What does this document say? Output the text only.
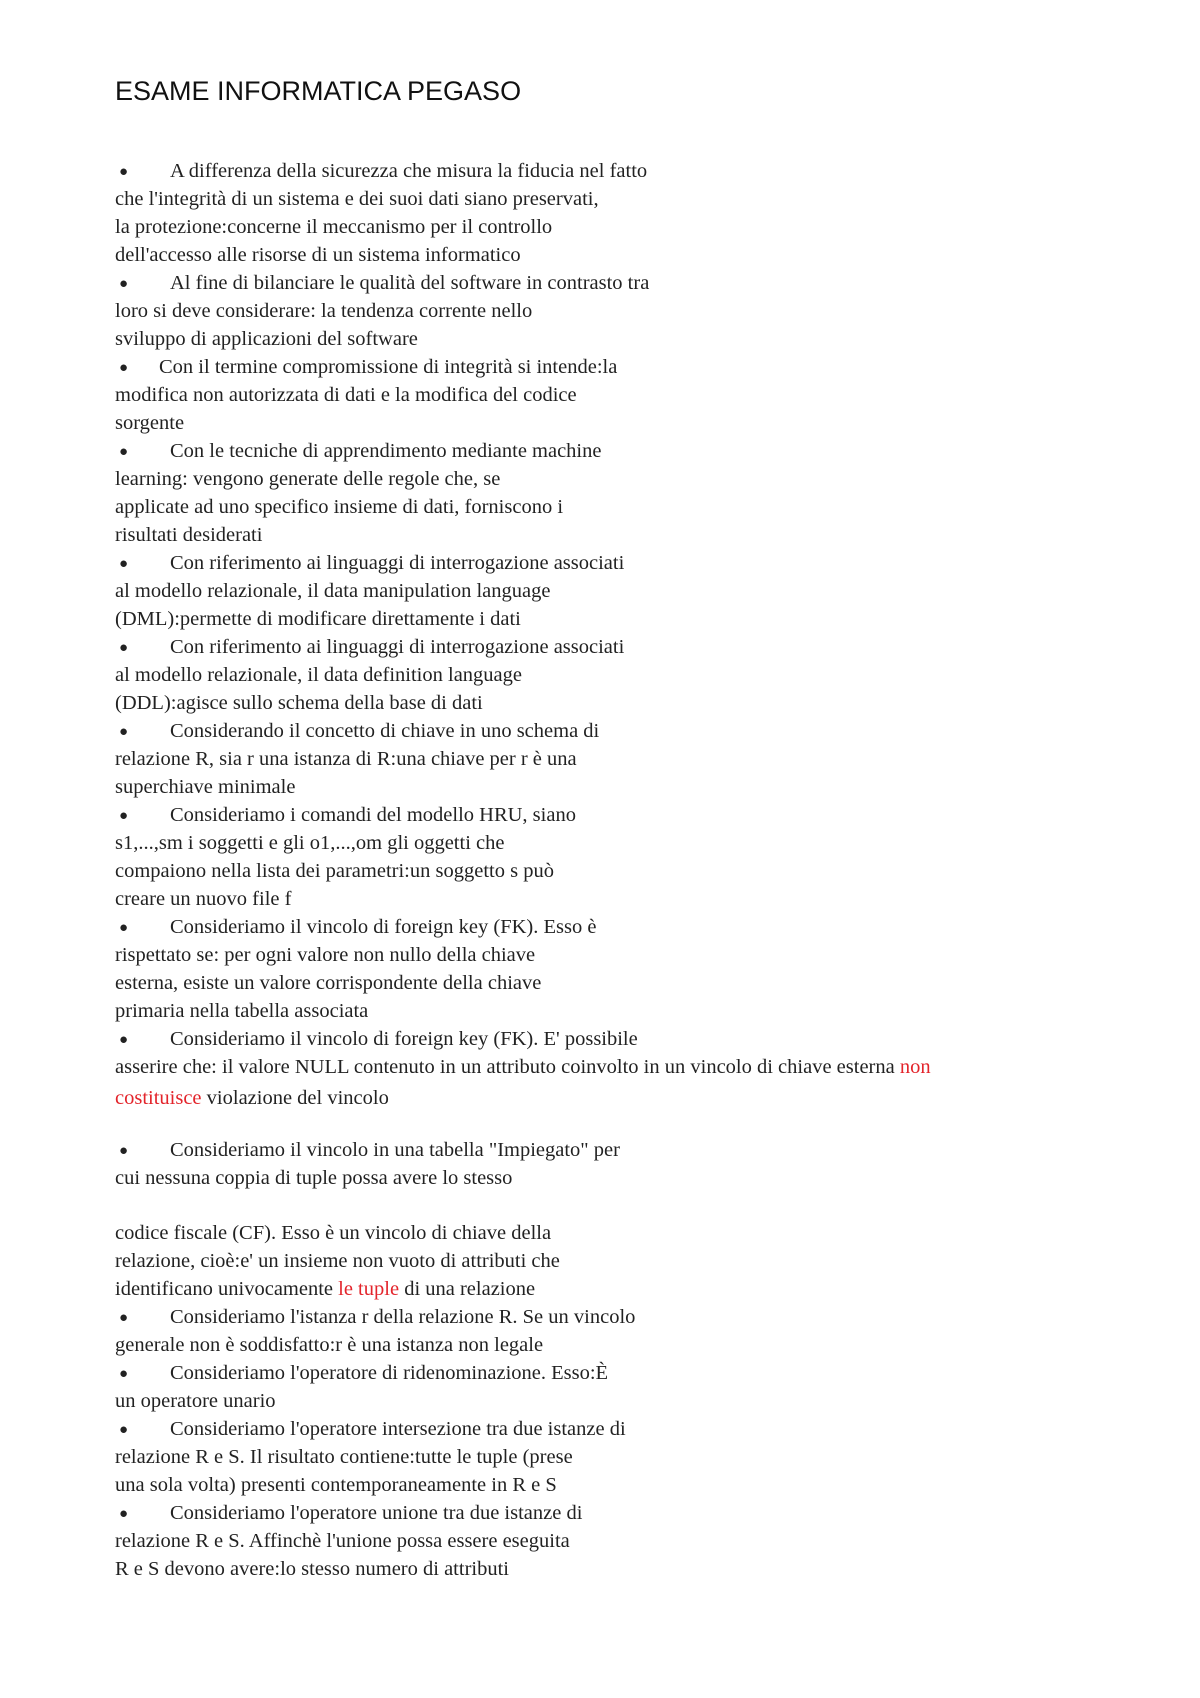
ESAME INFORMATICA PEGASO
● A differenza della sicurezza che misura la fiducia nel fatto
che l'integrità di un sistema e dei suoi dati siano preservati,
la protezione:concerne il meccanismo per il controllo
dell'accesso alle risorse di un sistema informatico
● Al fine di bilanciare le qualità del software in contrasto tra
loro si deve considerare: la tendenza corrente nello
sviluppo di applicazioni del software
● Con il termine compromissione di integrità si intende:la
modifica non autorizzata di dati e la modifica del codice
sorgente
● Con le tecniche di apprendimento mediante machine
learning: vengono generate delle regole che, se
applicate ad uno specifico insieme di dati, forniscono i
risultati desiderati
● Con riferimento ai linguaggi di interrogazione associati
al modello relazionale, il data manipulation language
(DML):permette di modificare direttamente i dati
● Con riferimento ai linguaggi di interrogazione associati
al modello relazionale, il data definition language
(DDL):agisce sullo schema della base di dati
● Considerando il concetto di chiave in uno schema di
relazione R, sia r una istanza di R:una chiave per r è una
superchiave minimale
● Consideriamo i comandi del modello HRU, siano
s1,...,sm i soggetti e gli o1,...,om gli oggetti che
compaiono nella lista dei parametri:un soggetto s può
creare un nuovo file f
● Consideriamo il vincolo di foreign key (FK). Esso è
rispettato se: per ogni valore non nullo della chiave
esterna, esiste un valore corrispondente della chiave
primaria nella tabella associata
● Consideriamo il vincolo di foreign key (FK). E' possibile
asserire che: il valore NULL contenuto in un attributo coinvolto in un vincolo di chiave esterna non
costituisce violazione del vincolo
● Consideriamo il vincolo in una tabella "Impiegato" per
cui nessuna coppia di tuple possa avere lo stesso
codice fiscale (CF). Esso è un vincolo di chiave della
relazione, cioè:e' un insieme non vuoto di attributi che
identificano univocamente le tuple di una relazione
● Consideriamo l'istanza r della relazione R. Se un vincolo
generale non è soddisfatto:r è una istanza non legale
● Consideriamo l'operatore di ridenominazione. Esso:È
un operatore unario
● Consideriamo l'operatore intersezione tra due istanze di
relazione R e S. Il risultato contiene:tutte le tuple (prese
una sola volta) presenti contemporaneamente in R e S
● Consideriamo l'operatore unione tra due istanze di
relazione R e S. Affinchè l'unione possa essere eseguita
R e S devono avere:lo stesso numero di attributi
